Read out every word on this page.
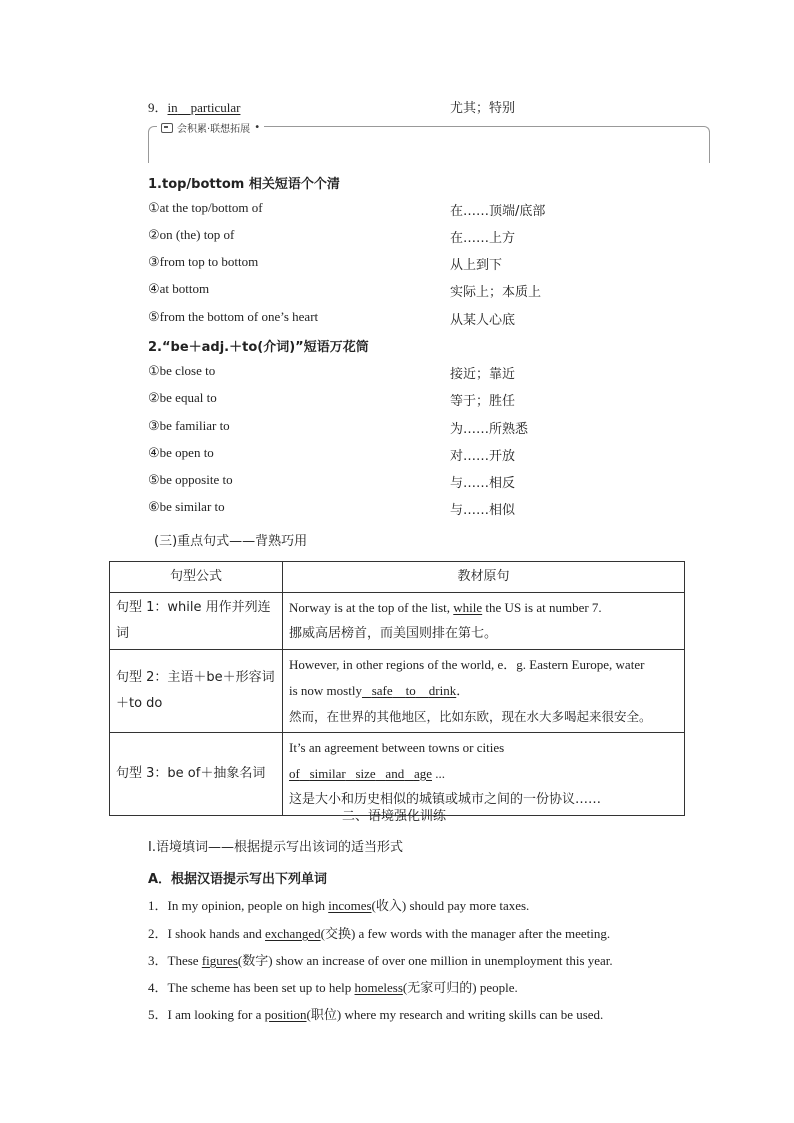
9．in particular	尤其；特别
会积累·联想拓展 •
1.top/bottom 相关短语个个清
①at the top/bottom of	在……顶端/底部
②on (the) top of	在……上方
③from top to bottom	从上到下
④at bottom	实际上；本质上
⑤from the bottom of one’s heart	从某人心底
2.“be＋adj.＋to(介词)”短语万花筒
①be close to	接近；靠近
②be equal to	等于；胜任
③be familiar to	为……所熟悉
④be open to	对……开放
⑤be opposite to	与……相反
⑥be similar to	与……相似
(三)重点句式——背熟巧用
句型公式	教材原句
句型 1：while 用作并列连词	Norway is at the top of the list, while the US is at number 7.
挪威高居榜首，而美国则排在第七。

句型 2：主语＋be＋形容词＋to do	However, in other regions of the world, e．g. Eastern Europe, water
is now mostly safe to drink．
然而，在世界的其他地区，比如东欧，现在水大多喝起来很安全。

句型 3：be of＋抽象名词	It’s an agreement between towns or cities
of similar size and age ...
这是大小和历史相似的城镇或城市之间的一份协议……
二、语境强化训练
Ⅰ.语境填词——根据提示写出该词的适当形式
A．根据汉语提示写出下列单词
1．In my opinion, people on high incomes(收入) should pay more taxes.
2．I shook hands and exchanged(交换) a few words with the manager after the meeting.
3．These figures(数字) show an increase of over one million in unemployment this year.
4．The scheme has been set up to help homeless(无家可归的) people.
5．I am looking for a position(职位) where my research and writing skills can be used.
